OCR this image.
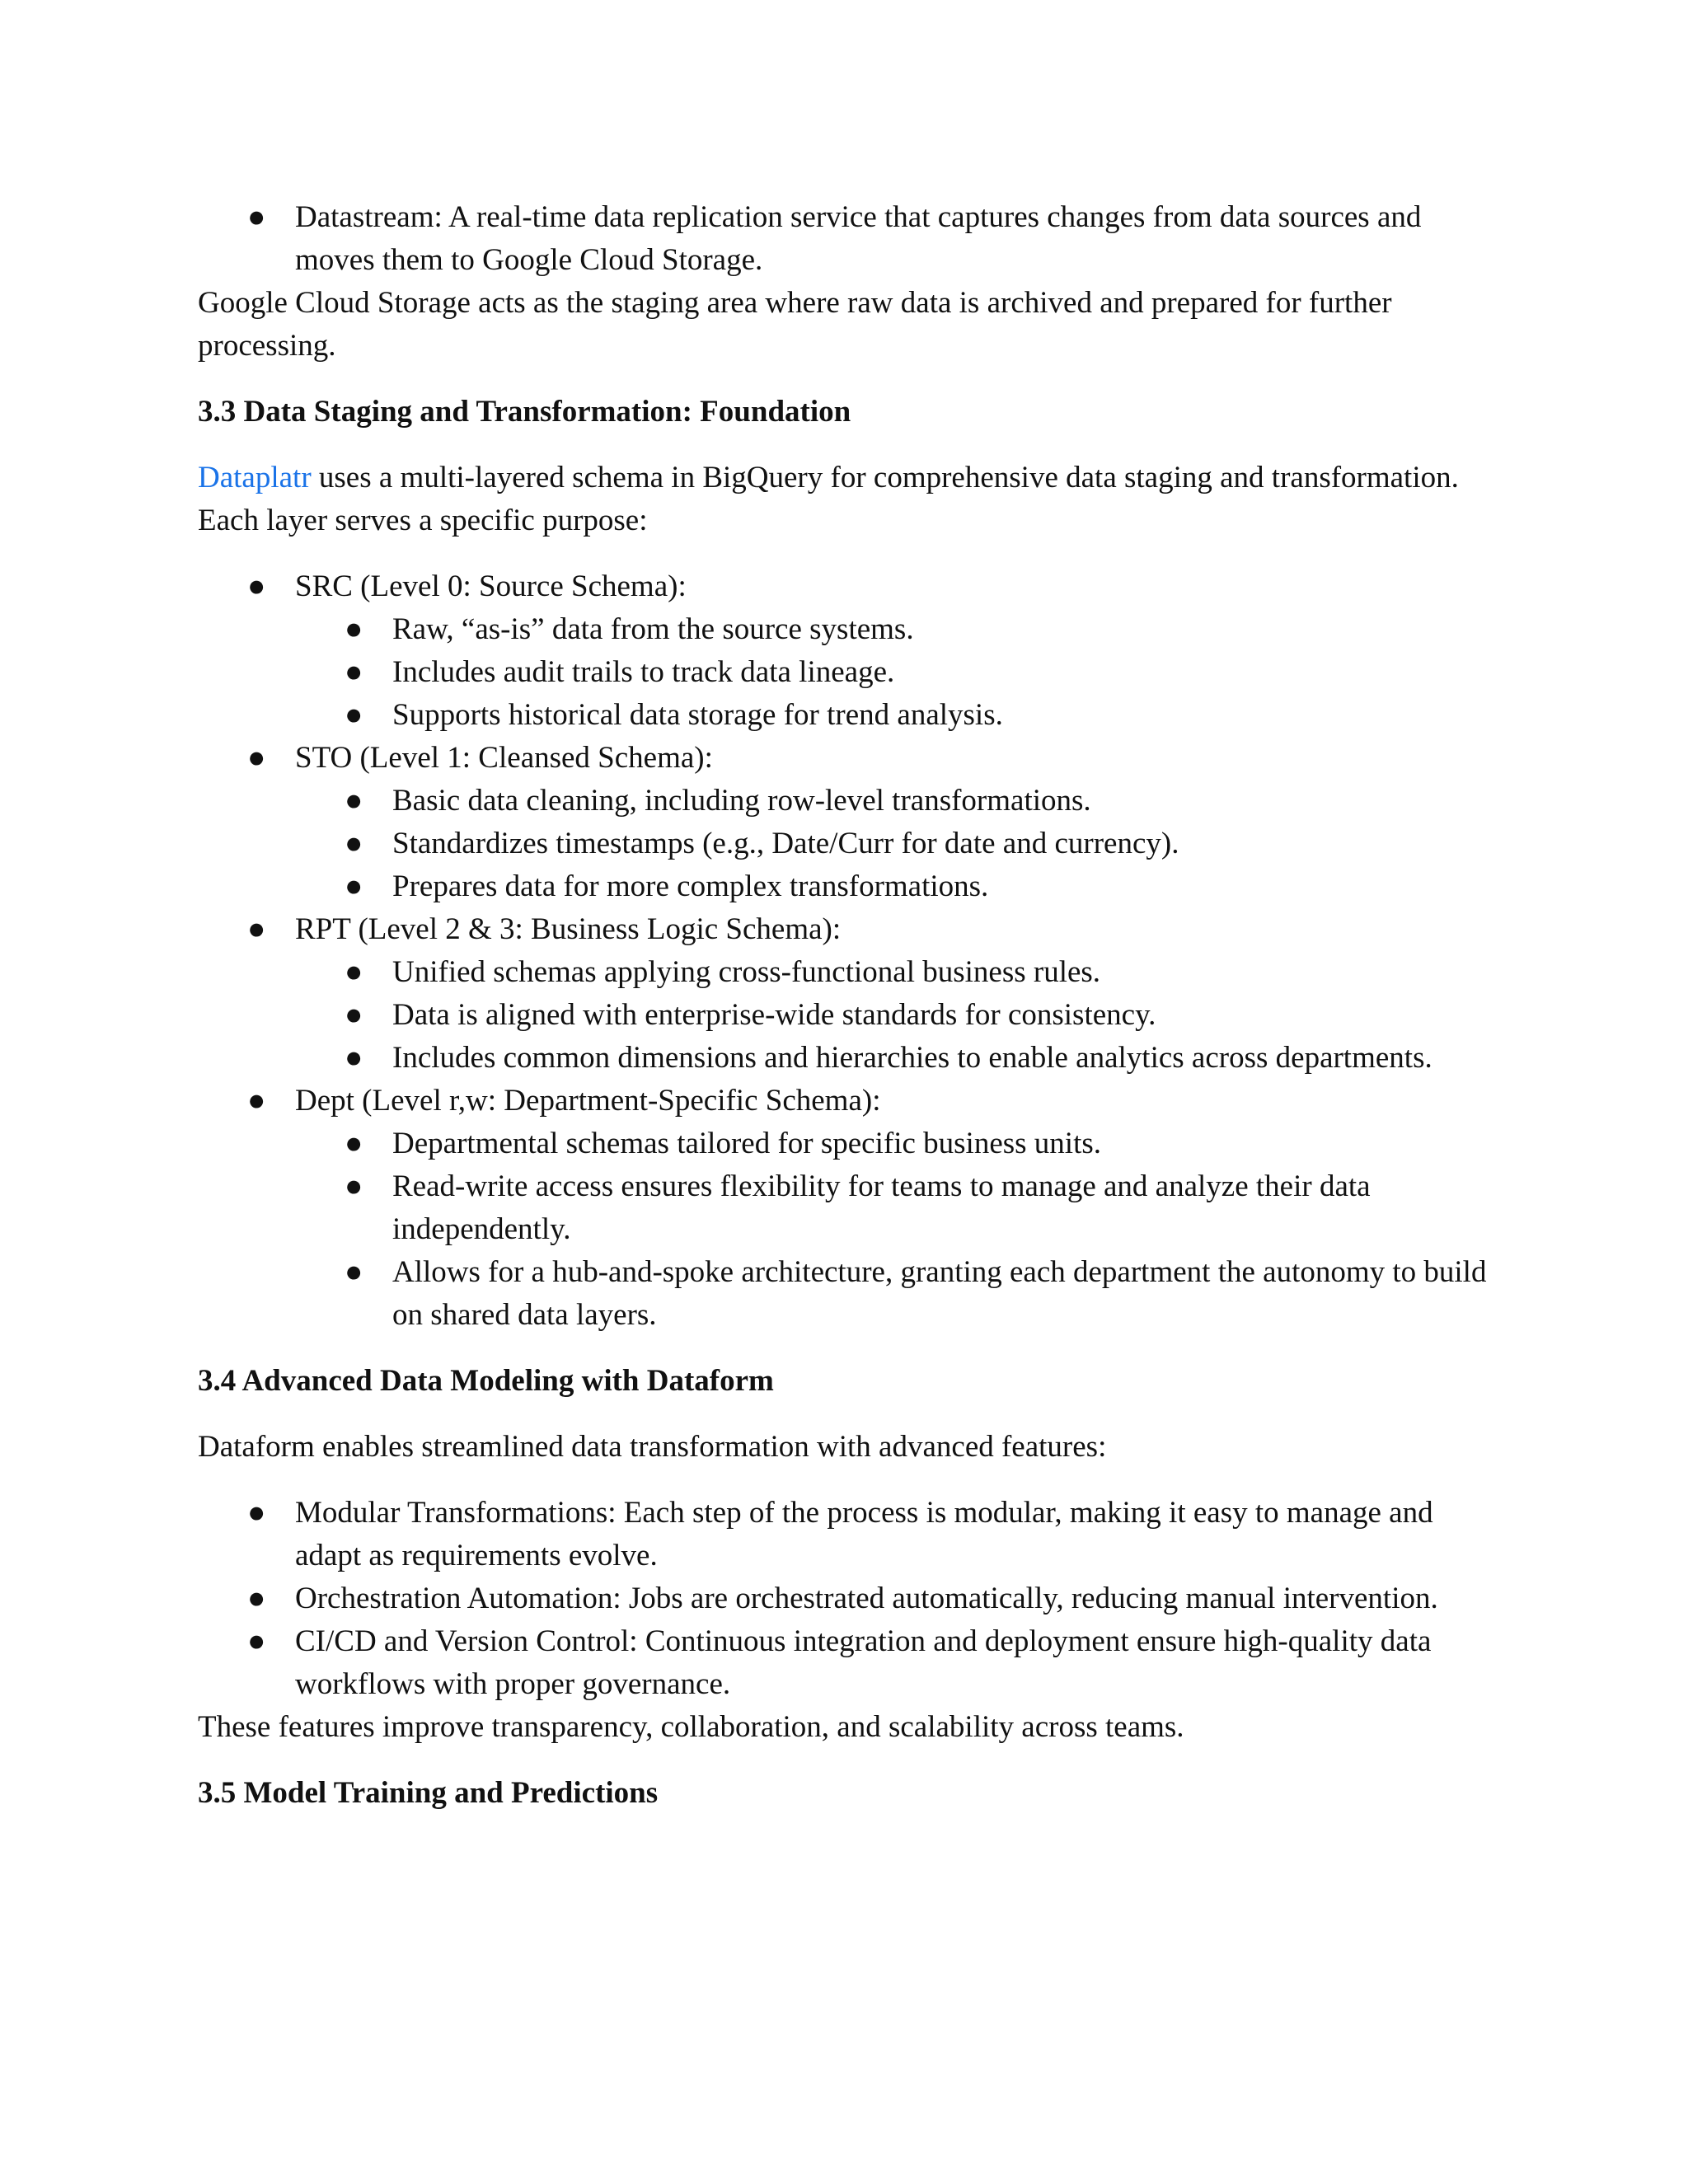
● Datastream: A real-time data replication service that captures changes from data sources and moves them to Google Cloud Storage.

Google Cloud Storage acts as the staging area where raw data is archived and prepared for further processing.

3.3 Data Staging and Transformation: Foundation

Dataplatr uses a multi-layered schema in BigQuery for comprehensive data staging and transformation. Each layer serves a specific purpose:

● SRC (Level 0: Source Schema):
● Raw, “as-is” data from the source systems.
● Includes audit trails to track data lineage.
● Supports historical data storage for trend analysis.
● STO (Level 1: Cleansed Schema):
● Basic data cleaning, including row-level transformations.
● Standardizes timestamps (e.g., Date/Curr for date and currency).
● Prepares data for more complex transformations.
● RPT (Level 2 & 3: Business Logic Schema):
● Unified schemas applying cross-functional business rules.
● Data is aligned with enterprise-wide standards for consistency.
● Includes common dimensions and hierarchies to enable analytics across departments.
● Dept (Level r,w: Department-Specific Schema):
● Departmental schemas tailored for specific business units.
● Read-write access ensures flexibility for teams to manage and analyze their data independently.
● Allows for a hub-and-spoke architecture, granting each department the autonomy to build on shared data layers.
3.4 Advanced Data Modeling with Dataform

Dataform enables streamlined data transformation with advanced features:

● Modular Transformations: Each step of the process is modular, making it easy to manage and adapt as requirements evolve.
● Orchestration Automation: Jobs are orchestrated automatically, reducing manual intervention.
● CI/CD and Version Control: Continuous integration and deployment ensure high-quality data workflows with proper governance.

These features improve transparency, collaboration, and scalability across teams.

3.5 Model Training and Predictions
